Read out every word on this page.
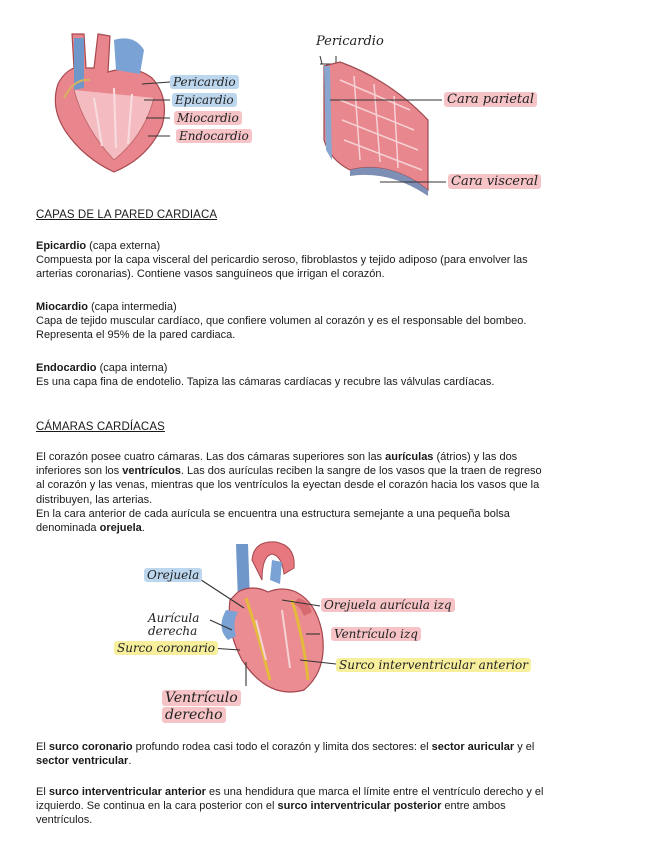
Pericardio
Epicardio
Miocardio
Endocardio
Pericardio
Cara parietal
Cara visceral
CAPAS DE LA PARED CARDIACA
Epicardio (capa externa)
Compuesta por la capa visceral del pericardio seroso, fibroblastos y tejido adiposo (para envolver las
arterias coronarias). Contiene vasos sanguíneos que irrigan el corazón.
Miocardio (capa intermedia)
Capa de tejido muscular cardíaco, que confiere volumen al corazón y es el responsable del bombeo.
Representa el 95% de la pared cardiaca.
Endocardio (capa interna)
Es una capa fina de endotelio. Tapiza las cámaras cardíacas y recubre las válvulas cardíacas.
CÁMARAS CARDÍACAS
El corazón posee cuatro cámaras. Las dos cámaras superiores son las aurículas (átrios) y las dos
inferiores son los ventrículos. Las dos aurículas reciben la sangre de los vasos que la traen de regreso
al corazón y las venas, mientras que los ventrículos la eyectan desde el corazón hacia los vasos que la
distribuyen, las arterias.
En la cara anterior de cada aurícula se encuentra una estructura semejante a una pequeña bolsa
denominada orejuela.
Orejuela
Aurícula
derecha
Surco coronario
Orejuela aurícula izq
Ventrículo izq
Surco interventricular anterior
Ventrículo
derecho
El surco coronario profundo rodea casi todo el corazón y limita dos sectores: el sector auricular y el
sector ventricular.
El surco interventricular anterior es una hendidura que marca el límite entre el ventrículo derecho y el
izquierdo. Se continua en la cara posterior con el surco interventricular posterior entre ambos
ventrículos.
